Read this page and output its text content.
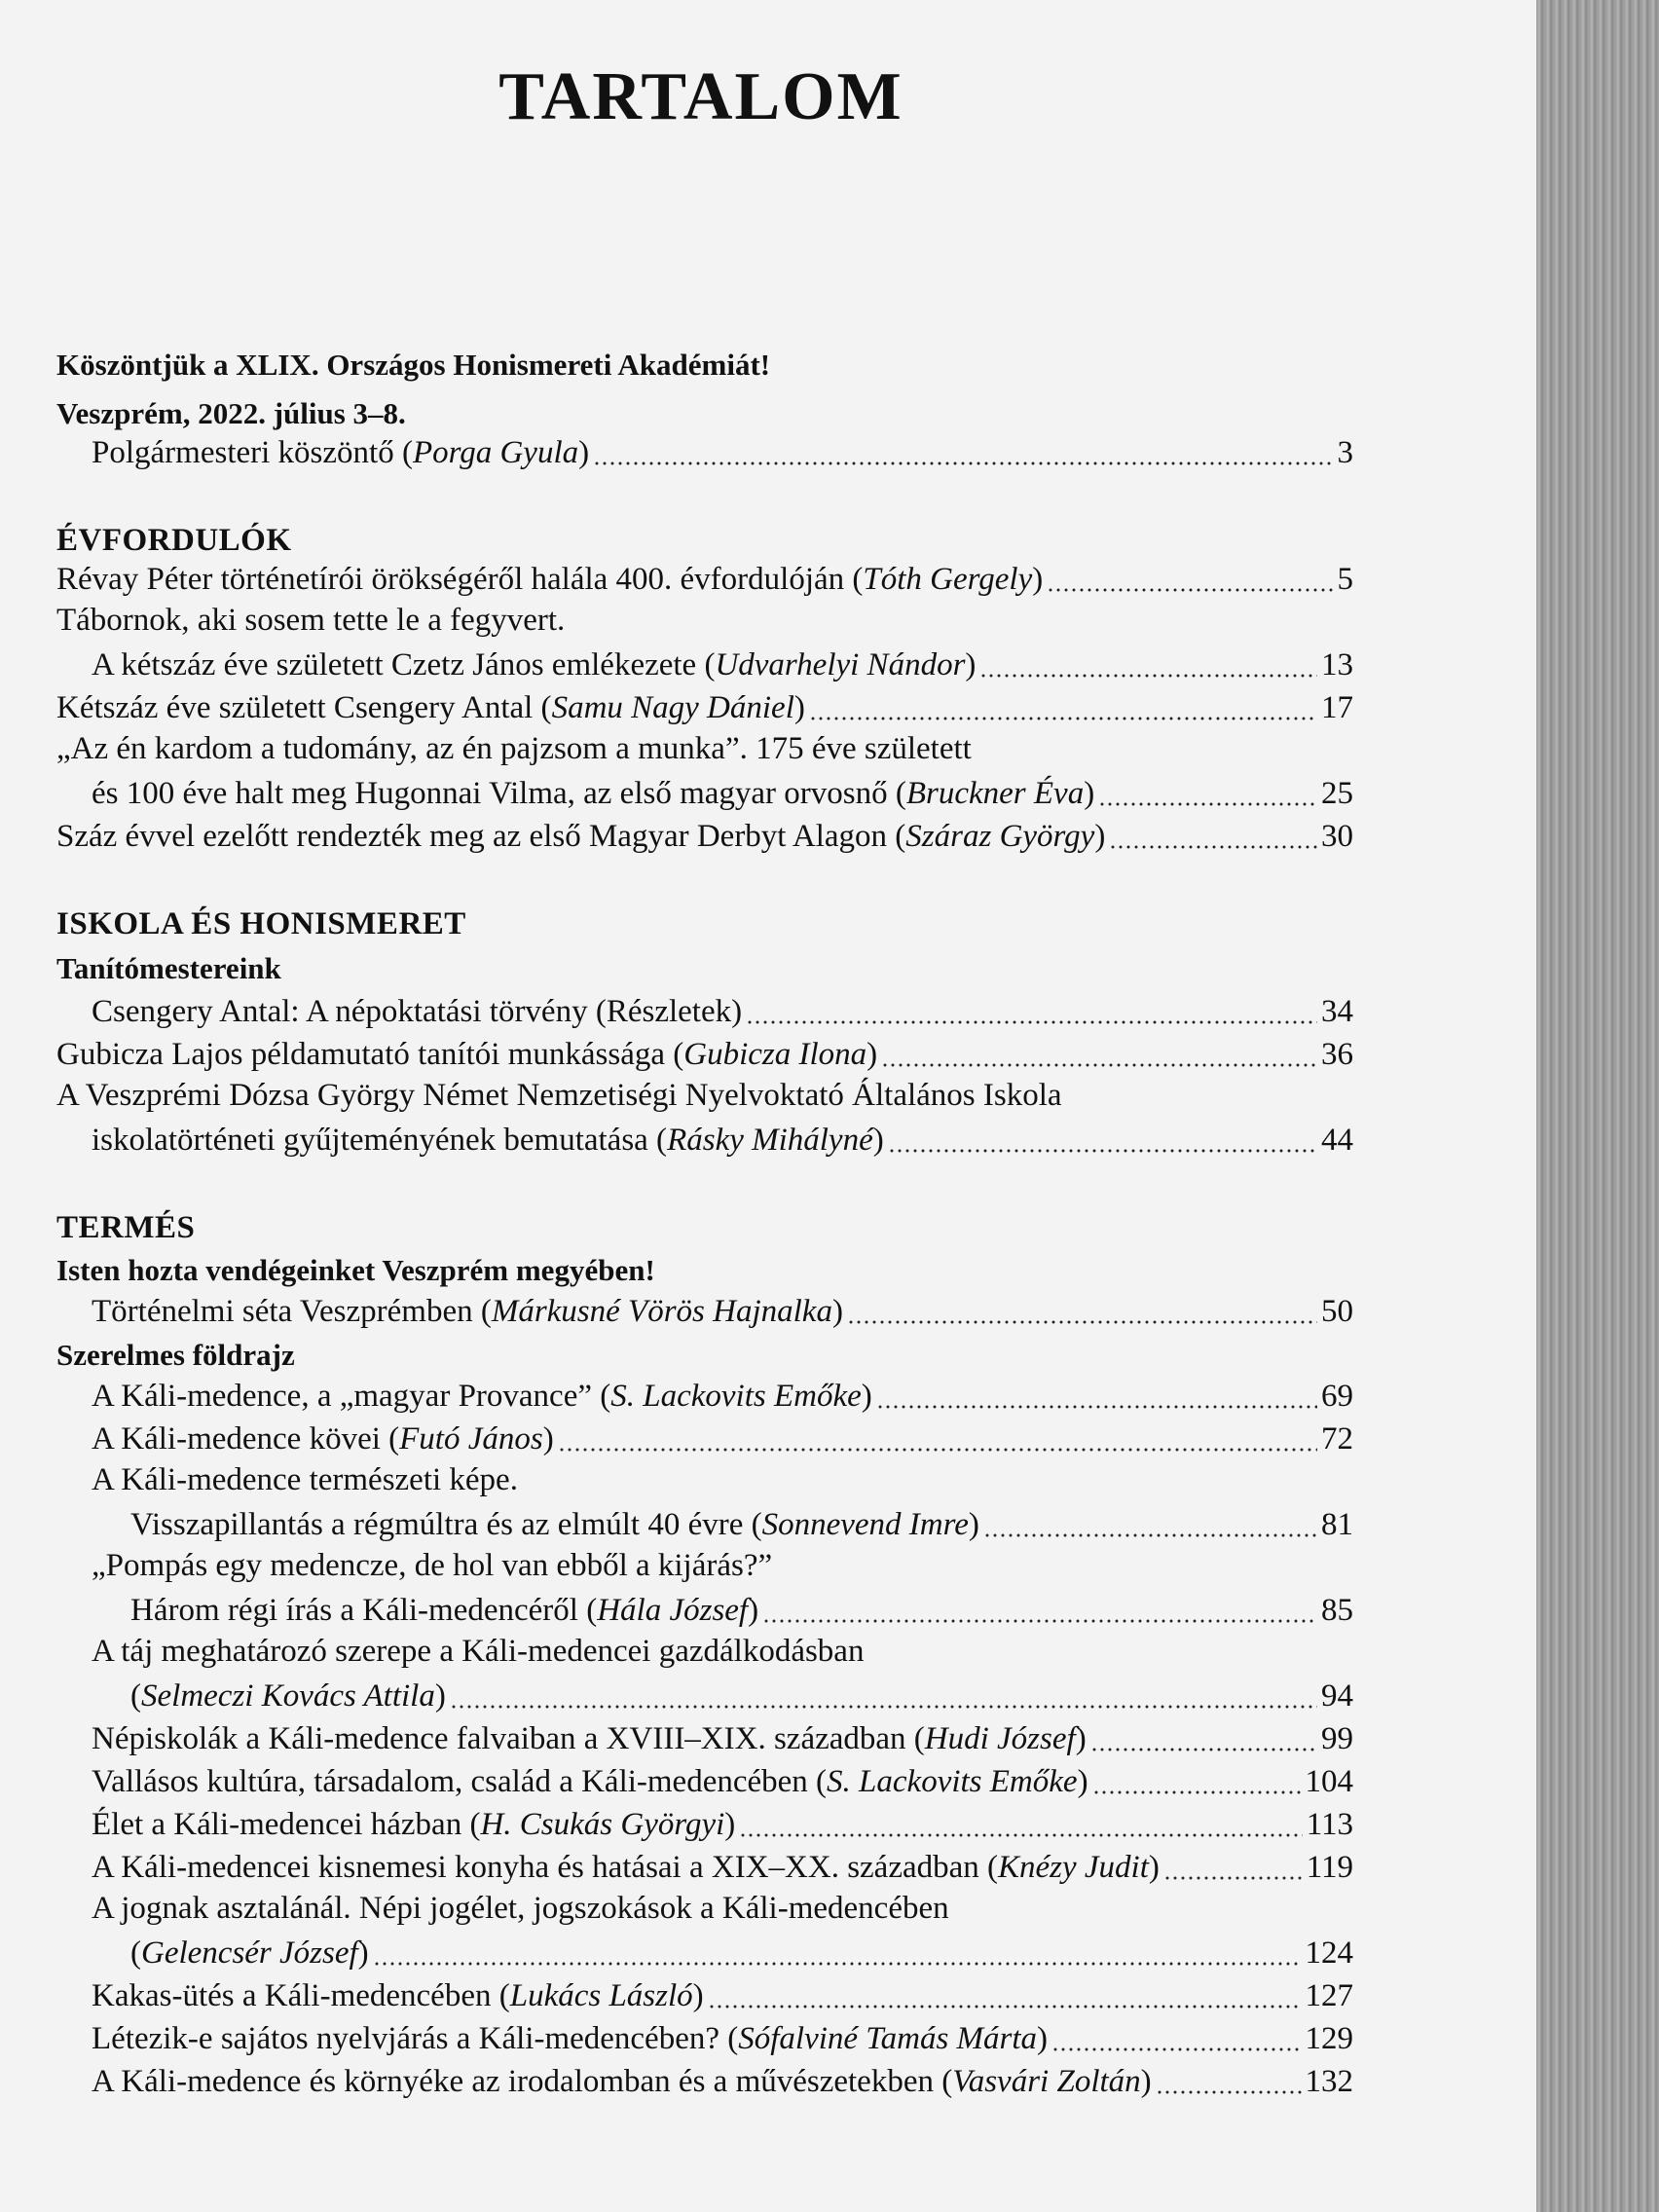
TARTALOM
Köszöntjük a XLIX. Országos Honismereti Akadémiát!
Veszprém, 2022. július 3–8.
Polgármesteri köszöntő (Porga Gyula)	3
ÉVFORDULÓK
Révay Péter történetírói örökségéről halála 400. évfordulóján (Tóth Gergely)	5
Tábornok, aki sosem tette le a fegyvert.
A kétszáz éve született Czetz János emlékezete (Udvarhelyi Nándor)	13
Kétszáz éve született Csengery Antal (Samu Nagy Dániel)	17
„Az én kardom a tudomány, az én pajzsom a munka”. 175 éve született
és 100 éve halt meg Hugonnai Vilma, az első magyar orvosnő (Bruckner Éva)	25
Száz évvel ezelőtt rendezték meg az első Magyar Derbyt Alagon (Száraz György)	30
ISKOLA ÉS HONISMERET
Tanítómestereink
Csengery Antal: A népoktatási törvény (Részletek)	34
Gubicza Lajos példamutató tanítói munkássága (Gubicza Ilona)	36
A Veszprémi Dózsa György Német Nemzetiségi Nyelvoktató Általános Iskola
iskolatörténeti gyűjteményének bemutatása (Rásky Mihályné)	44
TERMÉS
Isten hozta vendégeinket Veszprém megyében!
Történelmi séta Veszprémben (Márkusné Vörös Hajnalka)	50
Szerelmes földrajz
A Káli-medence, a „magyar Provance” (S. Lackovits Emőke)	69
A Káli-medence kövei (Futó János)	72
A Káli-medence természeti képe.
Visszapillantás a régmúltra és az elmúlt 40 évre (Sonnevend Imre)	81
„Pompás egy medencze, de hol van ebből a kijárás?”
Három régi írás a Káli-medencéről (Hála József)	85
A táj meghatározó szerepe a Káli-medencei gazdálkodásban
(Selmeczi Kovács Attila)	94
Népiskolák a Káli-medence falvaiban a XVIII–XIX. században (Hudi József)	99
Vallásos kultúra, társadalom, család a Káli-medencében (S. Lackovits Emőke)	104
Élet a Káli-medencei házban (H. Csukás Györgyi)	113
A Káli-medencei kisnemesi konyha és hatásai a XIX–XX. században (Knézy Judit)	119
A jognak asztalánál. Népi jogélet, jogszokások a Káli-medencében
(Gelencsér József)	124
Kakas-ütés a Káli-medencében (Lukács László)	127
Létezik-e sajátos nyelvjárás a Káli-medencében? (Sófalviné Tamás Márta)	129
A Káli-medence és környéke az irodalomban és a művészetekben (Vasvári Zoltán)	132
